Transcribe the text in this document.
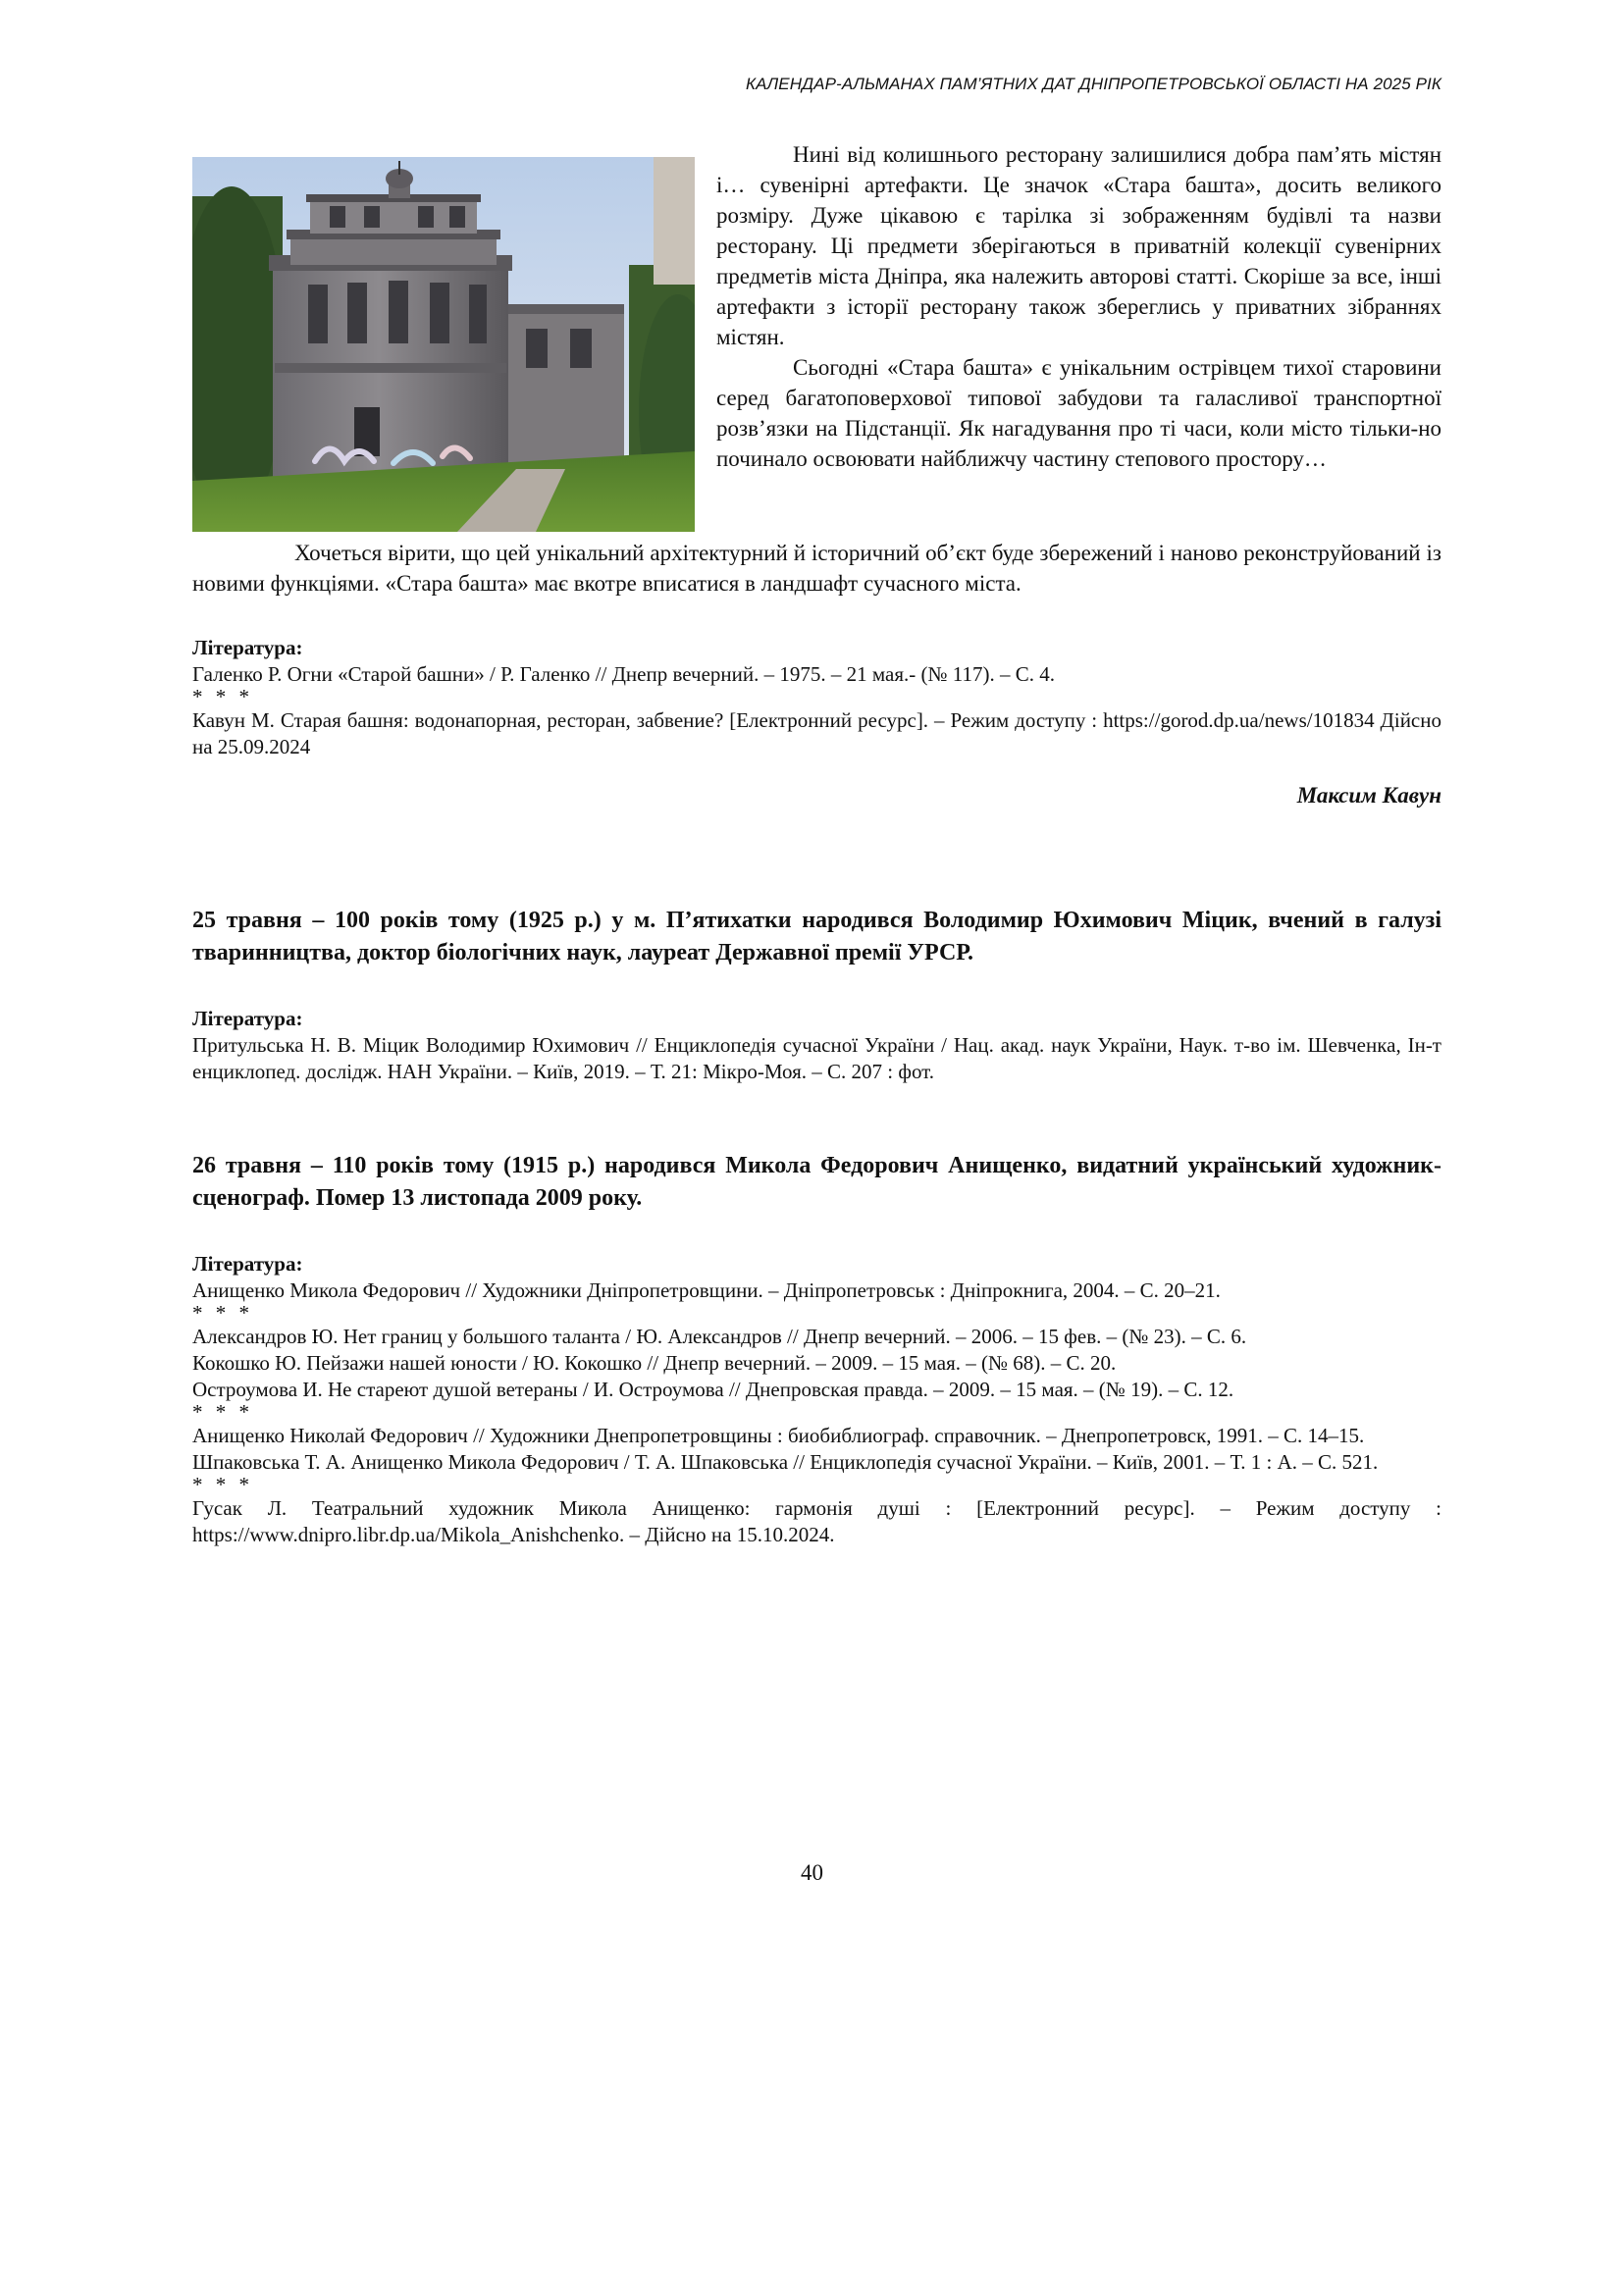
КАЛЕНДАР-АЛЬМАНАХ ПАМ’ЯТНИХ ДАТ ДНІПРОПЕТРОВСЬКОЇ ОБЛАСТІ НА 2025 РІК

Нині від колишнього ресторану залишилися добра пам’ять містян і… сувенірні артефакти. Це значок «Стара башта», досить великого розміру. Дуже цікавою є тарілка зі зображенням будівлі та назви ресторану. Ці предмети зберігаються в приватній колекції сувенірних предметів міста Дніпра, яка належить авторові статті. Скоріше за все, інші артефакти з історії ресторану також збереглись у приватних зібраннях містян.

Сьогодні «Стара башта» є унікальним острівцем тихої старовини серед багатоповерхової типової забудови та галасливої транспортної розв’язки на Підстанції. Як нагадування про ті часи, коли місто тільки-но починало освоювати найближчу частину степового простору…

Хочеться вірити, що цей унікальний архітектурний й історичний об’єкт буде збережений і наново реконструйований із новими функціями. «Стара башта» має вкотре вписатися в ландшафт сучасного міста.

Література:

Галенко Р. Огни «Старой башни» / Р. Галенко // Днепр вечерний. – 1975. – 21 мая.- (№ 117). – С. 4.

* * *

Кавун М. Старая башня: водонапорная, ресторан, забвение? [Електронний ресурс]. – Режим доступу : https://gorod.dp.ua/news/101834 Дійсно на 25.09.2024

Максим Кавун

25 травня – 100 років тому (1925 р.) у м. П’ятихатки народився Володимир Юхимович Міцик, вчений в галузі тваринництва, доктор біологічних наук, лауреат Державної премії УРСР.

Література:

Притульська Н. В. Міцик Володимир Юхимович // Енциклопедія сучасної України / Нац. акад. наук України, Наук. т-во ім. Шевченка, Ін-т енциклопед. дослідж. НАН України. – Київ, 2019. – Т. 21: Мікро-Моя. – С. 207 : фот.

26 травня – 110 років тому (1915 р.) народився Микола Федорович Анищенко, видатний український художник-сценограф. Помер 13 листопада 2009 року.

Література:

Анищенко Микола Федорович // Художники Дніпропетровщини. – Дніпропетровськ : Дніпрокнига, 2004. – С. 20–21.

* * *

Александров Ю. Нет границ у большого таланта / Ю. Александров // Днепр вечерний. – 2006. – 15 фев. – (№ 23). – С. 6.

Кокошко Ю. Пейзажи нашей юности / Ю. Кокошко // Днепр вечерний. – 2009. – 15 мая. – (№ 68). – С. 20.

Остроумова И. Не стареют душой ветераны / И. Остроумова // Днепровская правда. – 2009. – 15 мая. – (№ 19). – С. 12.

* * *

Анищенко Николай Федорович // Художники Днепропетровщины : биобиблиограф. справочник. – Днепропетровск, 1991. – С. 14–15.

Шпаковська Т. А. Анищенко Микола Федорович / Т. А. Шпаковська // Енциклопедія сучасної України. – Київ, 2001. – Т. 1 : А. – С. 521.

* * *

Гусак Л. Театральний художник Микола Анищенко: гармонія душі : [Електронний ресурс]. – Режим доступу : https://www.dnipro.libr.dp.ua/Mikola_Anishchenko. – Дійсно на 15.10.2024.

40
